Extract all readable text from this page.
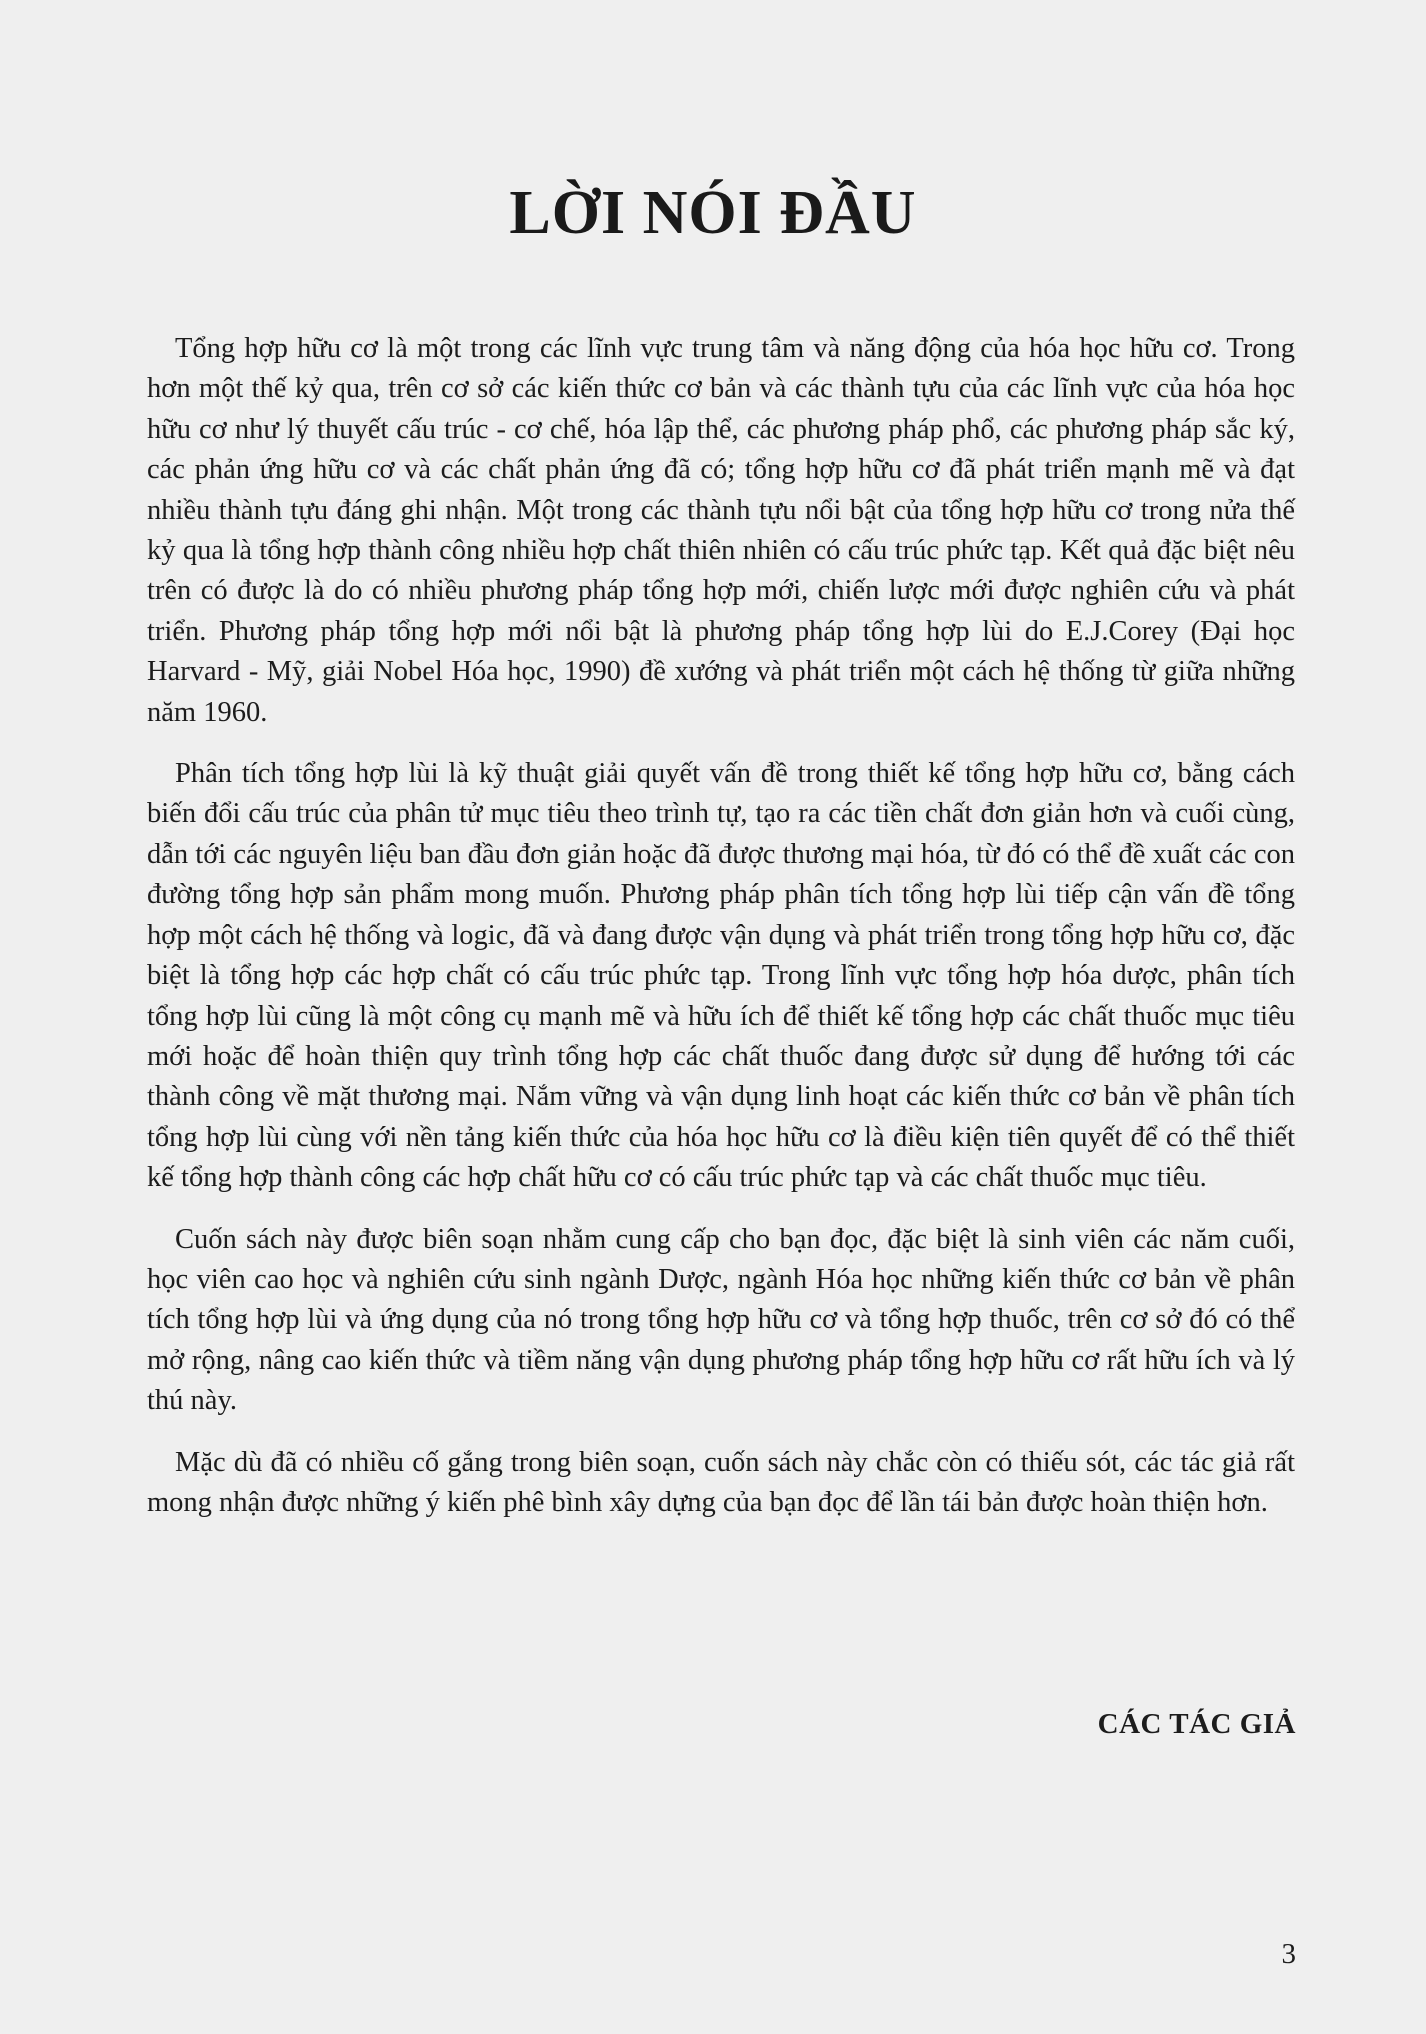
LỜI NÓI ĐẦU

Tổng hợp hữu cơ là một trong các lĩnh vực trung tâm và năng động của hóa học hữu cơ. Trong hơn một thế kỷ qua, trên cơ sở các kiến thức cơ bản và các thành tựu của các lĩnh vực của hóa học hữu cơ như lý thuyết cấu trúc - cơ chế, hóa lập thể, các phương pháp phổ, các phương pháp sắc ký, các phản ứng hữu cơ và các chất phản ứng đã có; tổng hợp hữu cơ đã phát triển mạnh mẽ và đạt nhiều thành tựu đáng ghi nhận. Một trong các thành tựu nổi bật của tổng hợp hữu cơ trong nửa thế kỷ qua là tổng hợp thành công nhiều hợp chất thiên nhiên có cấu trúc phức tạp. Kết quả đặc biệt nêu trên có được là do có nhiều phương pháp tổng hợp mới, chiến lược mới được nghiên cứu và phát triển. Phương pháp tổng hợp mới nổi bật là phương pháp tổng hợp lùi do E.J.Corey (Đại học Harvard - Mỹ, giải Nobel Hóa học, 1990) đề xướng và phát triển một cách hệ thống từ giữa những năm 1960.

Phân tích tổng hợp lùi là kỹ thuật giải quyết vấn đề trong thiết kế tổng hợp hữu cơ, bằng cách biến đổi cấu trúc của phân tử mục tiêu theo trình tự, tạo ra các tiền chất đơn giản hơn và cuối cùng, dẫn tới các nguyên liệu ban đầu đơn giản hoặc đã được thương mại hóa, từ đó có thể đề xuất các con đường tổng hợp sản phẩm mong muốn. Phương pháp phân tích tổng hợp lùi tiếp cận vấn đề tổng hợp một cách hệ thống và logic, đã và đang được vận dụng và phát triển trong tổng hợp hữu cơ, đặc biệt là tổng hợp các hợp chất có cấu trúc phức tạp. Trong lĩnh vực tổng hợp hóa dược, phân tích tổng hợp lùi cũng là một công cụ mạnh mẽ và hữu ích để thiết kế tổng hợp các chất thuốc mục tiêu mới hoặc để hoàn thiện quy trình tổng hợp các chất thuốc đang được sử dụng để hướng tới các thành công về mặt thương mại. Nắm vững và vận dụng linh hoạt các kiến thức cơ bản về phân tích tổng hợp lùi cùng với nền tảng kiến thức của hóa học hữu cơ là điều kiện tiên quyết để có thể thiết kế tổng hợp thành công các hợp chất hữu cơ có cấu trúc phức tạp và các chất thuốc mục tiêu.

Cuốn sách này được biên soạn nhằm cung cấp cho bạn đọc, đặc biệt là sinh viên các năm cuối, học viên cao học và nghiên cứu sinh ngành Dược, ngành Hóa học những kiến thức cơ bản về phân tích tổng hợp lùi và ứng dụng của nó trong tổng hợp hữu cơ và tổng hợp thuốc, trên cơ sở đó có thể mở rộng, nâng cao kiến thức và tiềm năng vận dụng phương pháp tổng hợp hữu cơ rất hữu ích và lý thú này.

Mặc dù đã có nhiều cố gắng trong biên soạn, cuốn sách này chắc còn có thiếu sót, các tác giả rất mong nhận được những ý kiến phê bình xây dựng của bạn đọc để lần tái bản được hoàn thiện hơn.

CÁC TÁC GIẢ
3
